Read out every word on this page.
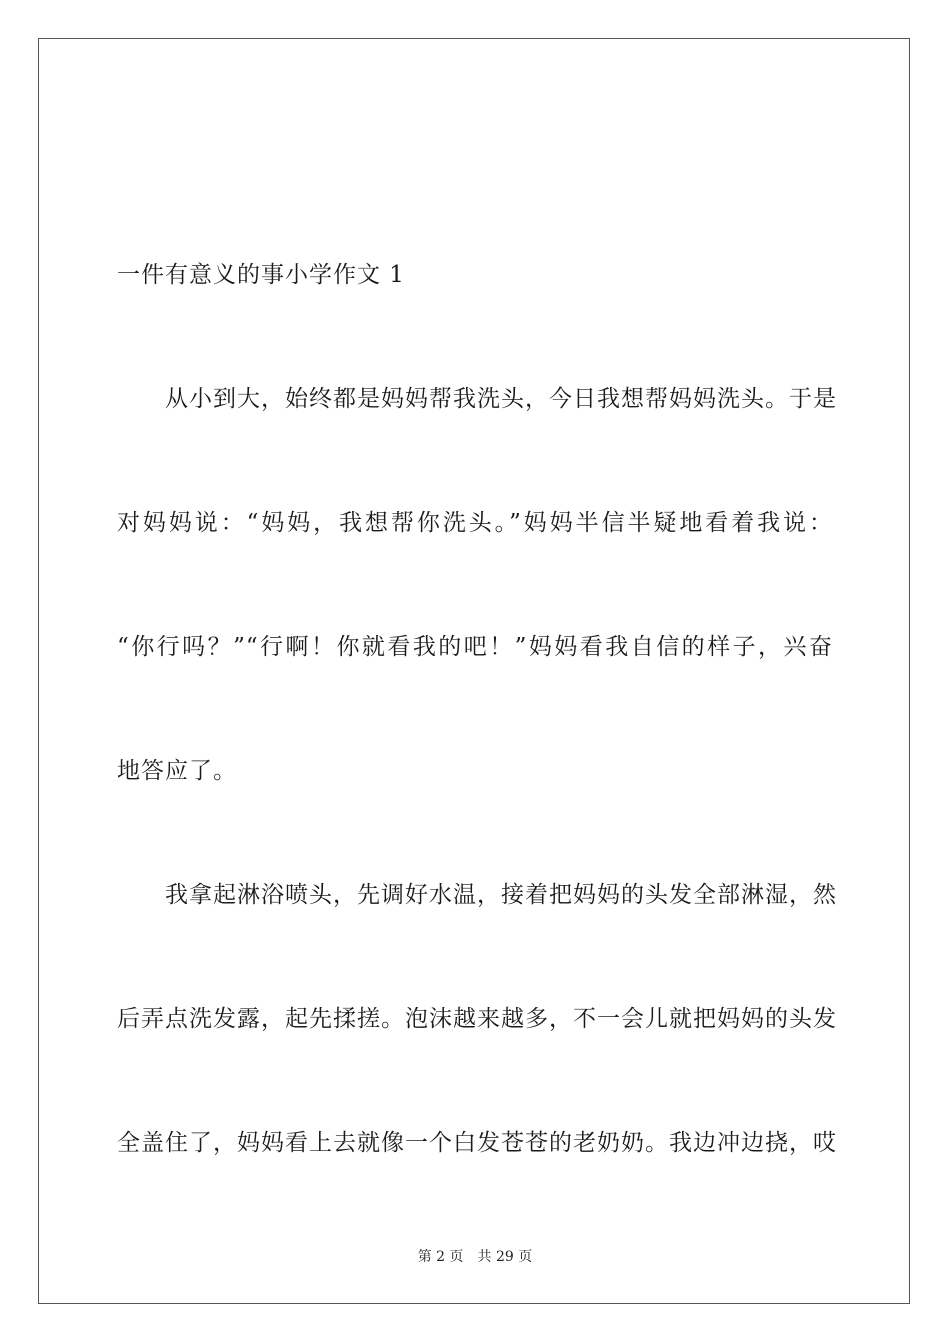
一件有意义的事小学作文 1
从小到大，始终都是妈妈帮我洗头，今日我想帮妈妈洗头。于是
对妈妈说：“妈妈，我想帮你洗头。”妈妈半信半疑地看着我说：
“你行吗？”“行啊！你就看我的吧！”妈妈看我自信的样子，兴奋
地答应了。
我拿起淋浴喷头，先调好水温，接着把妈妈的头发全部淋湿，然
后弄点洗发露，起先揉搓。泡沫越来越多，不一会儿就把妈妈的头发
全盖住了，妈妈看上去就像一个白发苍苍的老奶奶。我边冲边挠，哎
第 2 页 共 29 页
